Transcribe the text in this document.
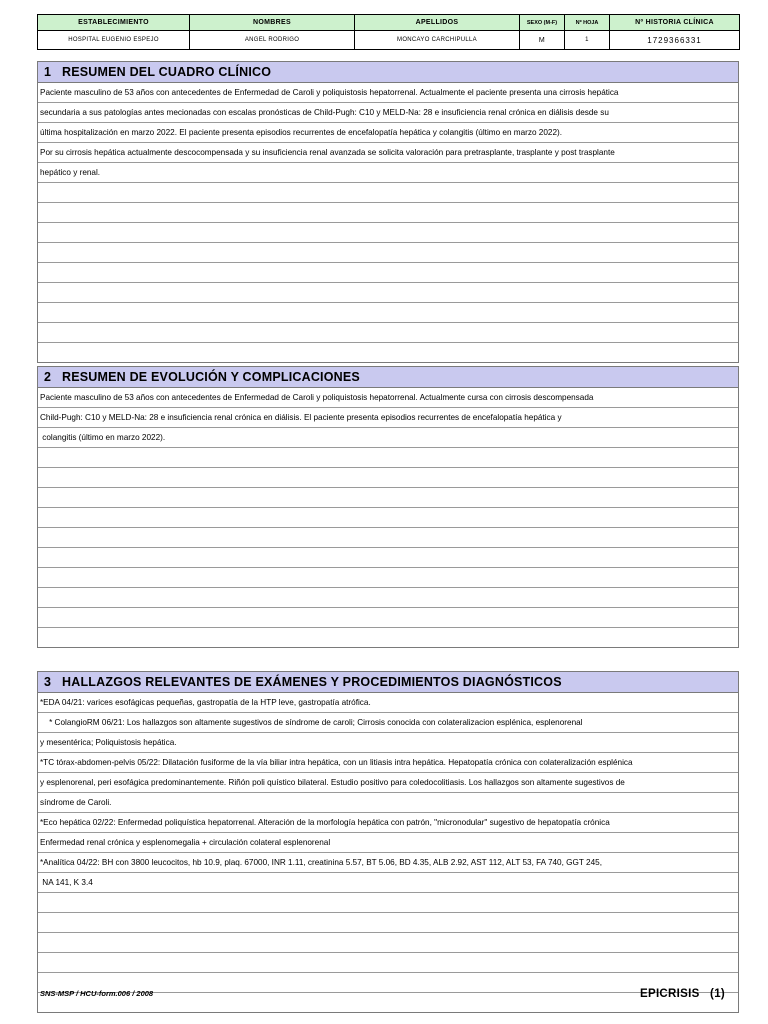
ESTABLECIMIENTO	NOMBRES	APELLIDOS	SEXO (M-F)	Nº HOJA	Nº HISTORIA CLÍNICA
HOSPITAL EUGENIO ESPEJO	ANGEL RODRIGO	MONCAYO CARCHIPULLA	M	1	1729366331
1 RESUMEN DEL CUADRO CLÍNICO
Paciente masculino de 53 años con antecedentes de Enfermedad de Caroli y poliquistosis hepatorrenal. Actualmente el paciente presenta una cirrosis hepática
secundaria a sus patologías antes mecionadas con escalas pronósticas de Child-Pugh: C10 y MELD-Na: 28 e insuficiencia renal crónica en diálisis desde su
última hospitalización en marzo 2022. El paciente presenta episodios recurrentes de encefalopatía hepática y colangitis (último en marzo 2022).
Por su cirrosis hepática actualmente descocompensada y su insuficiencia renal avanzada se solicita valoración para pretrasplante, trasplante y post trasplante
hepático y renal.
2 RESUMEN DE EVOLUCIÓN Y COMPLICACIONES
Paciente masculino de 53 años con antecedentes de Enfermedad de Caroli y poliquistosis hepatorrenal. Actualmente cursa con cirrosis descompensada
Child-Pugh: C10 y MELD-Na: 28 e insuficiencia renal crónica en diálisis. El paciente presenta episodios recurrentes de encefalopatía hepática y
colangitis (último en marzo 2022).
3 HALLAZGOS RELEVANTES DE EXÁMENES Y PROCEDIMIENTOS DIAGNÓSTICOS
*EDA 04/21: varices esofágicas pequeñas, gastropatía de la HTP leve, gastropatía atrófica.
* ColangioRM 06/21: Los hallazgos son altamente sugestivos de síndrome de caroli; Cirrosis conocida con colateralizacion esplénica, esplenorenal
y mesentérica; Poliquistosis hepática.
*TC tórax-abdomen-pelvis 05/22: Dilatación fusiforme de la vía biliar intra hepática, con un litiasis intra hepática. Hepatopatía crónica con colateralización esplénica
y esplenorenal, peri esofágica predominantemente. Riñón poli quístico bilateral. Estudio positivo para coledocolitiasis. Los hallazgos son altamente sugestivos de
síndrome de Caroli.
*Eco hepática 02/22: Enfermedad poliquística hepatorrenal. Alteración de la morfología hepática con patrón, "micronodular" sugestivo de hepatopatía crónica
Enfermedad renal crónica y esplenomegalia + circulación colateral esplenorenal
*Analítica 04/22: BH con 3800 leucocitos, hb 10.9, plaq. 67000, INR 1.11, creatinina 5.57, BT 5.06, BD 4.35, ALB 2.92, AST 112, ALT 53, FA 740, GGT 245,
NA 141, K 3.4
SNS-MSP / HCU-form.006 / 2008	EPICRISIS   (1)
